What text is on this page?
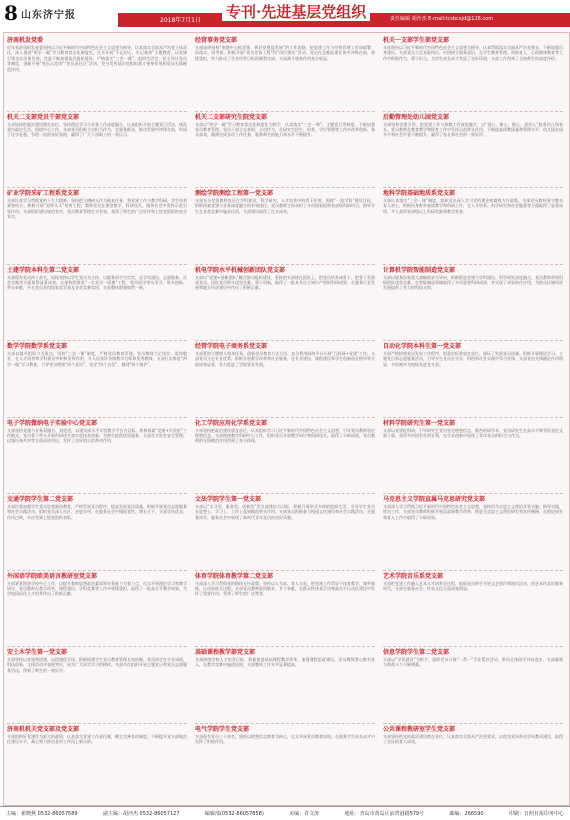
8 山东济宁报	2018年7月1日 专刊·先进基层党组织	责任编辑 胡沙杰 E-mail:tcsbcxjd@126.com
济南机发党委
近年来济南机发党委坚持以习近平新时代中国特色社会主义思想为指导，认真落实全面从严治党主体责任，深入推进“两学一做”学习教育常态化制度化，扎实开展“不忘初心、牢记使命”主题教育，以党建引领企业改革发展。党委不断加强基层组织建设，严格落实“三会一课”、组织生活会、民主评议党员等制度，创新开展“党员示范岗”“党员责任区”活动，充分发挥基层党组织战斗堡垒作用和党员先锋模范作用。
机关二支部党员干部党支部
支部始终把政治建设摆在首位，坚持理论学习与业务工作深度融合，认真组织开展主题党日活动，规范党内政治生活。围绕中心工作，支部党员积极主动担当作为，在服务群众、推动发展中冲锋在前，形成了比学赶超、争创一流的良好氛围，赢得了广大干部职工的一致认可。
矿业学院采矿工程系党支部
支部认真学习贯彻党的十九大精神，坚持把立德树人作为根本任务，将党建工作与教学科研、学生培养紧密结合。积极开展“双带头人”培育工程，教师党员在课堂教学、科研攻关、服务社会中发挥示范引领作用。支部组织建设规范有序，党员教育管理扎实有效，获得了师生的广泛好评和上级党组织的充分肯定。
土建学院本科生第二党支部
支部现有党员四十余名，始终坚持以学生党员为主体、以服务同学为宗旨，在学风建设、志愿服务、社会实践等方面取得显著成效。支部持续推进“一名党员一面旗”工程，党员同学带头学习、带头创新、带头奉献，多名党员获得国家奖学金及各类竞赛奖项，支部整体面貌焕然一新。
数学学院数学系党支部
支部以提升组织力为重点，坚持“三会一课”制度，严格党员教育管理。党员教师立足岗位、爱岗敬业，在人才培养和学科建设中积极发挥作用，多人次获评各级教学名师和优秀教师。支部扎实推进“两学一做”学习教育，引导党员增强“四个意识”，坚定“四个自信”，做到“两个维护”。
电子学院微纳电子实验中心党支部
支部坚持党建与业务双融合、双促进，以建设高水平实验教学平台为目标，积极探索“党建+实验室”工作模式。党员骨干带头开展科研攻关和实验技术创新，为师生提供优质服务，支部在实验室安全管理、仪器设备共享等方面成绩突出，发挥了良好的示范带动作用。
交通学院学生第二党支部
支部注重加强学生党员思想政治教育，严格发展党员程序，提高发展党员质量。积极开展党员志愿服务和社会实践活动，组织党员深入社区、走进乡村，在服务社会中锤炼党性、增长才干。支部学风优良、作风过硬，多次受到上级党组织表彰。
外国语学院欧美语言教研室党支部
支部紧紧围绕学校中心工作，以提升教师思想政治素质和业务能力为着力点，扎实开展理论学习和教学研讨。党员教师在教学改革、课程建设、学科竞赛等工作中勇挑重担，取得了一批高水平教学成果，为学校国际化人才培养作出了积极贡献。
安土木学生第一党支部
支部坚持以党建带团建，以团建促学风，积极构建学生党员教育管理长效机制。党员同学在学业成绩、科技创新、文体活动中表现突出，成为广大同学学习的榜样。支部多次组织开展主题党日和党员志愿服务活动，得到了师生的一致好评。
济南机机关党支部及党支部
支部把抓好党建作为最大的政绩，认真落实党建工作责任制，健全完善各项制度，不断提升党支部规范化建设水平，凝心聚力推动各项工作再上新台阶。
经营事务党支部
支部始终坚持“围绕中心抓党建、抓好党建促发展”的工作思路，把党建工作与经营管理工作同部署、同落实、同考核。积极开展“党员先锋工程”和“岗位建功”活动，党员在急难险重任务中冲锋在前、勇挑重担，有力推动了企业经营目标的顺利完成，支部战斗堡垒作用充分彰显。
机关二支部研究生院党支部
支部以“两学一做”学习教育常态化制度化为抓手，认真落实“三会一课”、主题党日等制度，不断加强党员教育管理。党员干部立足本职、主动作为，在研究生招生、培养、学位管理等工作中改革创新、务实高效，圆满完成各项工作任务，服务师生的能力和水平不断提升。
测绘学院测绘工程第一党支部
支部充分发挥教师党员在学科建设、科学研究、人才培养中的骨干作用，围绕“一流学科”建设目标，积极探索党建与业务深度融合的有效途径。党员教师主持承担了多项国家级和省部级科研项目，指导学生在各类竞赛中屡获佳绩，支部建设取得了扎实成效。
机电学院水平机械创新团队党支部
支部以“党建+创新团队”模式推动组织建设，坚持把支部建在团队上，把党员培养成骨干，把骨干发展成党员。团队党员带头攻坚克难、勇于创新，取得了一批具有自主知识产权的科研成果，在服务行业发展和地方经济建设中作出了积极贡献。
经管学院电子商务系党支部
支部紧扣立德树人根本任务，创新党员教育方式方法，充分利用网络平台开展“互联网+党建”工作。支部党员立足专业优势，积极开展教学改革和社会服务，在专业建设、课程建设和学生创新创业指导等方面成效显著，有力促进了学院事业发展。
化工学院应用化学系党支部
支部坚持把政治建设放在首位，认真组织学习习近平新时代中国特色社会主义思想，引导党员教师坚定理想信念。支部围绕教学科研中心工作，组织党员开展教学研讨和科研攻关，取得了丰硕成果，党员教师的先锋模范作用得到了充分体现。
文法学院学生第一党支部
支部以“学习型、服务型、创新型”党支部建设为目标，积极开展形式多样的组织生活，引导学生党员在思想上、学习上、工作上起到模范带头作用。支部党员积极参与校园文化建设和社会实践活动，在服务同学、服务社会中展现了新时代青年党员的良好风貌。
体育学院体育教学第二党支部
支部深入学习贯彻党的路线方针政策，坚持以人为本、育人为先，把党建工作贯穿于体育教学、课外锻炼、运动训练全过程。支部党员教师爱岗敬业、甘于奉献，在群众性体育活动和高水平运动队建设中发挥了重要作用，受到了师生的广泛赞誉。
基础课程教学部党支部
支部围绕学校人才培养目标，积极推进基础课程教学改革，加强课程思政建设。党员教师潜心教书育人，在教学竞赛中屡创佳绩，支部整体工作水平显著提高。
电气学院学生党支部
支部现有党员三十余名，坚持以理想信念教育为核心，扎实开展党员教育培训，在服务学生成长成才中发挥了积极作用。
机关一支部学生部党支部
支部坚持以习近平新时代中国特色社会主义思想为指导，认真贯彻落实全面从严治党要求，不断加强自身建设。支部党员立足本职岗位，牢固树立服务意识，在学生教育管理、资助育人、心理健康教育等工作中积极作为、勇于担当，为学生成长成才营造了良好环境，支部工作得到了全校师生的高度评价。
后勤管理处幼儿园党支部
支部坚持党建引领，把党建工作与保教工作深度融合，以“爱心、耐心、细心、责任心”服务幼儿和家长。党员教师在教育教学和保育工作中发挥示范带头作用，不断提高保教质量和管理水平，幼儿园办园水平和社会声誉不断提升，赢得了家长和社会的一致好评。
地科学院基础地质系党支部
支部认真落实“三会一课”制度，组织党员深入学习党的理论和路线方针政策。支部党员教师坚守教书育人初心，积极投身野外地质教学和科研工作，在人才培养、科学研究和社会服务等方面取得了显著成绩，多人获得省部级以上科研奖励和教学荣誉。
计算机学院智能制造党支部
支部以服务国家重大战略需求为导向，积极推进党建与学科建设、科学研究深度融合。党员教师带领科研团队攻坚克难，在智能制造领域取得了多项重要科研成果，并实现了成果转化应用，为推动区域经济发展提供了有力的科技支撑。
自动化学院本科生第一党支部
支部严格按照党员发展工作程序，把政治标准放在首位，保证了发展党员质量。积极开展理论学习、主题党日和志愿服务活动，引导学生党员在学业、科创和社会实践中争当先锋，支部党员先锋模范作用明显，多次被评为校级先进党支部。
材料学院研究生第一党支部
支部以党建促科研，引导研究生党员坚定理想信念、刻苦钻研学术。党员研究生在高水平期刊发表论文数十篇，获得多项国家发明专利，在学术创新中展现了青年党员的担当与作为。
马克思主义学院直属马克思研究党支部
支部深入学习贯彻习近平新时代中国特色社会主义思想，坚持用马克思主义理论武装头脑、指导实践、推动工作。支部党员教师积极开展思政课教学改革，推进马克思主义理论研究和宣传阐释，在理论研究和育人工作中取得了丰硕成果。
艺术学院音乐系党支部
支部把党建工作融入艺术人才培养全过程，组织党员师生开展文艺创作和演出活动，用艺术作品讴歌新时代，支部在服务社会、传承文化方面成效明显。
信息学院学生第二党支部
支部以“学风建设”为抓手，组织党员开展“一帮一”学业帮扶活动，带动全体同学共同进步，支部凝聚力和战斗力不断增强。
公共课程教研室学生党支部
支部坚持把党的政治建设摆在首位，认真落实全面从严治党要求，以优良党风带动学风教风建设，取得了良好的育人成效。
主编：翟晓燕 0532-86057589	副主编：胡沙杰 0532-86057127	编辑部(0532-86057858)	美编：许文涛	地址：青岛市黄岛区前湾港路579号	邮编：266590	印刷：日照日报印务中心
